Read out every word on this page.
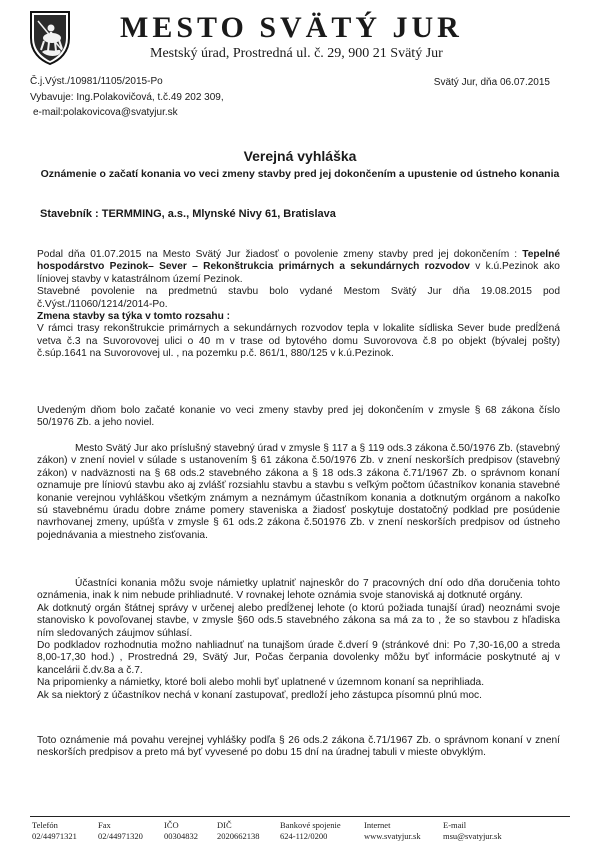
MESTO SVÄTÝ JUR
Mestský úrad, Prostredná ul. č. 29, 900 21 Svätý Jur
Č.j.Výst./10981/1105/2015-Po
Vybavuje: Ing.Polakovičová, t.č.49 202 309,
e-mail:polakovicova@svatyjur.sk
Svätý Jur, dňa 06.07.2015
Verejná vyhláška
Oznámenie o začatí konania vo veci zmeny stavby pred jej dokončením a upustenie od ústneho konania
Stavebník : TERMMING, a.s., Mlynské Nivy 61, Bratislava

Podal dňa 01.07.2015 na Mesto Svätý Jur žiadosť o povolenie zmeny stavby pred jej dokončením : Tepelné hospodárstvo Pezinok– Sever – Rekonštrukcia primárnych a sekundárnych rozvodov v k.ú.Pezinok ako líniovej stavby v katastrálnom území Pezinok.

Stavebné povolenie na predmetnú stavbu bolo vydané Mestom Svätý Jur dňa 19.08.2015 pod č.Výst./11060/1214/2014-Po.

Zmena stavby sa týka v tomto rozsahu :

V rámci trasy rekonštrukcie primárnych a sekundárnych rozvodov tepla v lokalite sídliska Sever bude predĺžená vetva č.3 na Suvorovovej ulici o 40 m v trase od bytového domu Suvorovova č.8 po objekt (bývalej pošty) č.súp.1641 na Suvorovovej ul. , na pozemku p.č. 861/1, 880/125 v k.ú.Pezinok.

Uvedeným dňom bolo začaté konanie vo veci zmeny stavby pred jej dokončením v zmysle § 68 zákona číslo 50/1976 Zb. a jeho noviel.

Mesto Svätý Jur ako príslušný stavebný úrad v zmysle § 117 a § 119 ods.3 zákona č.50/1976 Zb. (stavebný zákon) v znení noviel v súlade s ustanovením § 61 zákona č.50/1976 Zb. v znení neskorších predpisov (stavebný zákon) v nadväznosti na § 68 ods.2 stavebného zákona a § 18 ods.3 zákona č.71/1967 Zb. o správnom konaní oznamuje pre líniovú stavbu ako aj zvlášť rozsiahlu stavbu a stavbu s veľkým počtom účastníkov konania stavebné konanie verejnou vyhláškou všetkým známym a neznámym účastníkom konania a dotknutým orgánom a nakoľko sú stavebnému úradu dobre známe pomery staveniska a žiadosť poskytuje dostatočný podklad pre posúdenie navrhovanej zmeny, upúšťa v zmysle § 61 ods.2 zákona č.501976 Zb. v znení neskorších predpisov od ústneho pojednávania a miestneho zisťovania.

Účastníci konania môžu svoje námietky uplatniť najneskôr do 7 pracovných dní odo dňa doručenia tohto oznámenia, inak k nim nebude prihliadnuté. V rovnakej lehote oznámia svoje stanoviská aj dotknuté orgány.

Ak dotknutý orgán štátnej správy v určenej alebo predĺženej lehote (o ktorú požiada tunajší úrad) neoznámi svoje stanovisko k povoľovanej stavbe, v zmysle §60 ods.5 stavebného zákona sa má za to , že so stavbou z hľadiska ním sledovaných záujmov súhlasí.

Do podkladov rozhodnutia možno nahliadnuť na tunajšom úrade č.dverí 9 (stránkové dni: Po 7,30-16,00 a streda 8,00-17,30 hod.) , Prostredná 29, Svätý Jur, Počas čerpania dovolenky môžu byť informácie poskytnuté aj v kancelárii č.dv.8a a č.7.

Na pripomienky a námietky, ktoré boli alebo mohli byť uplatnené v územnom konaní sa neprihliada.

Ak sa niektorý z účastníkov nechá v konaní zastupovať, predloží jeho zástupca písomnú plnú moc.

Toto oznámenie má povahu verejnej vyhlášky podľa § 26 ods.2 zákona č.71/1967 Zb. o správnom konaní v znení neskorších predpisov a preto má byť vyvesené po dobu 15 dní na úradnej tabuli v mieste obvyklým.

Telefón
02/44971321
Fax
02/44971320
IČO
00304832
DIČ
2020662138
Bankové spojenie
624-112/0200
Internet
www.svatyjur.sk
E-mail
msu@svatyjur.sk
